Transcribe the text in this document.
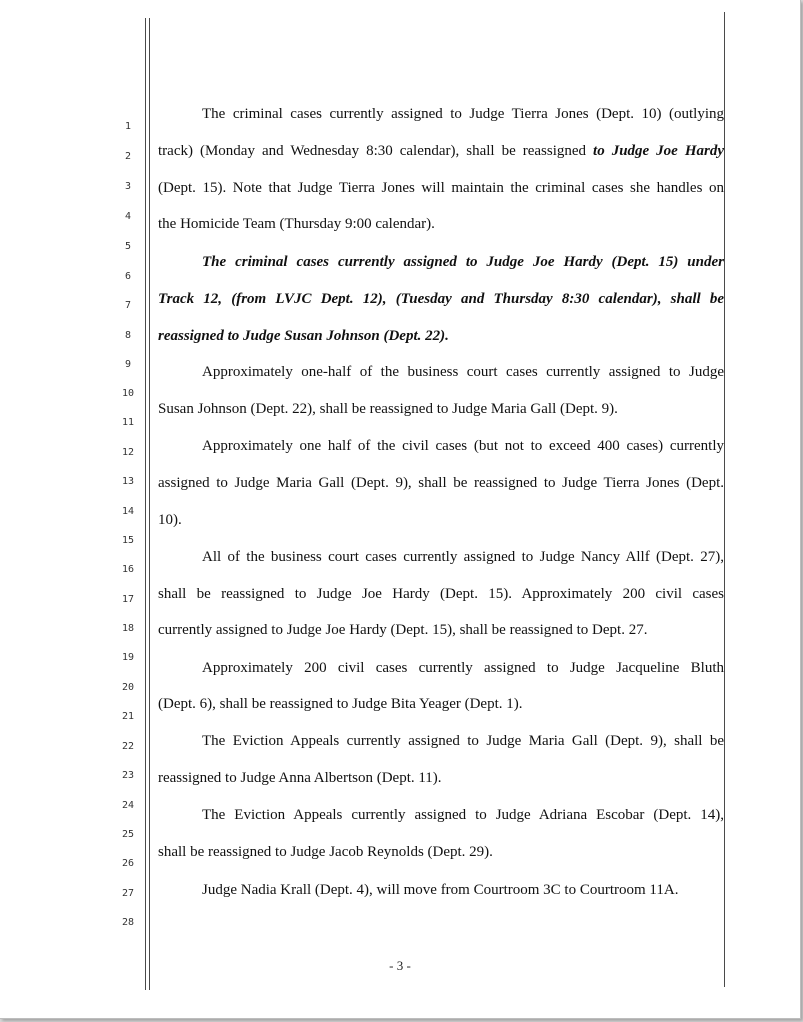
1
2
3
4
5
6
7
8
9
10
11
12
13
14
15
16
17
18
19
20
21
22
23
24
25
26
27
28
The criminal cases currently assigned to Judge Tierra Jones (Dept. 10) (outlying
track) (Monday and Wednesday 8:30 calendar), shall be reassigned to Judge Joe Hardy
(Dept. 15). Note that Judge Tierra Jones will maintain the criminal cases she handles on
the Homicide Team (Thursday 9:00 calendar).
The criminal cases currently assigned to Judge Joe Hardy (Dept. 15) under
Track 12, (from LVJC Dept. 12), (Tuesday and Thursday 8:30 calendar), shall be
reassigned to Judge Susan Johnson (Dept. 22).
Approximately one-half of the business court cases currently assigned to Judge
Susan Johnson (Dept. 22), shall be reassigned to Judge Maria Gall (Dept. 9).
Approximately one half of the civil cases (but not to exceed 400 cases) currently
assigned to Judge Maria Gall (Dept. 9), shall be reassigned to Judge Tierra Jones (Dept.
10).
All of the business court cases currently assigned to Judge Nancy Allf (Dept. 27),
shall be reassigned to Judge Joe Hardy (Dept. 15). Approximately 200 civil cases
currently assigned to Judge Joe Hardy (Dept. 15), shall be reassigned to Dept. 27.
Approximately 200 civil cases currently assigned to Judge Jacqueline Bluth
(Dept. 6), shall be reassigned to Judge Bita Yeager (Dept. 1).
The Eviction Appeals currently assigned to Judge Maria Gall (Dept. 9), shall be
reassigned to Judge Anna Albertson (Dept. 11).
The Eviction Appeals currently assigned to Judge Adriana Escobar (Dept. 14),
shall be reassigned to Judge Jacob Reynolds (Dept. 29).
Judge Nadia Krall (Dept. 4), will move from Courtroom 3C to Courtroom 11A.
- 3 -
